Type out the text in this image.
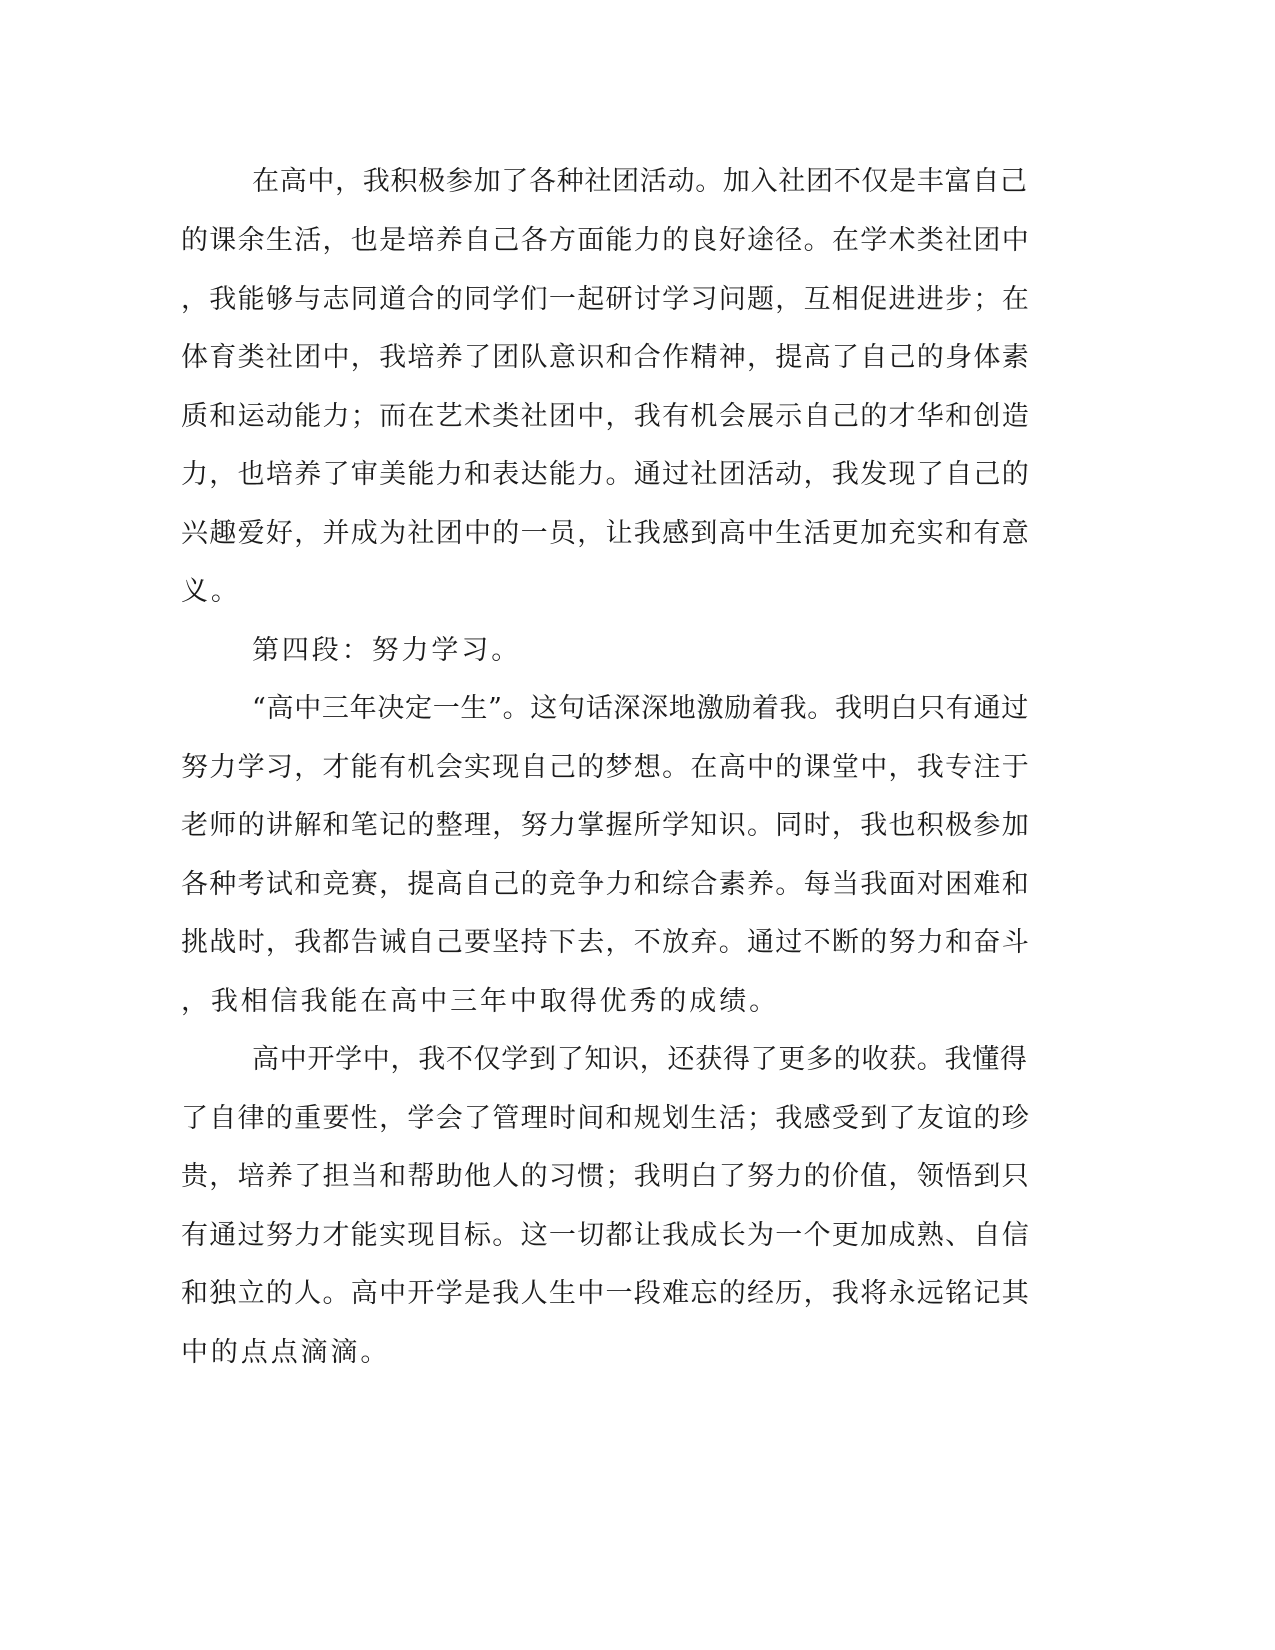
在高中，我积极参加了各种社团活动。加入社团不仅是丰富自己
的课余生活，也是培养自己各方面能力的良好途径。在学术类社团中
，我能够与志同道合的同学们一起研讨学习问题，互相促进进步；在
体育类社团中，我培养了团队意识和合作精神，提高了自己的身体素
质和运动能力；而在艺术类社团中，我有机会展示自己的才华和创造
力，也培养了审美能力和表达能力。通过社团活动，我发现了自己的
兴趣爱好，并成为社团中的一员，让我感到高中生活更加充实和有意
义。
第四段：努力学习。
“高中三年决定一生”。这句话深深地激励着我。我明白只有通过
努力学习，才能有机会实现自己的梦想。在高中的课堂中，我专注于
老师的讲解和笔记的整理，努力掌握所学知识。同时，我也积极参加
各种考试和竞赛，提高自己的竞争力和综合素养。每当我面对困难和
挑战时，我都告诫自己要坚持下去，不放弃。通过不断的努力和奋斗
，我相信我能在高中三年中取得优秀的成绩。
高中开学中，我不仅学到了知识，还获得了更多的收获。我懂得
了自律的重要性，学会了管理时间和规划生活；我感受到了友谊的珍
贵，培养了担当和帮助他人的习惯；我明白了努力的价值，领悟到只
有通过努力才能实现目标。这一切都让我成长为一个更加成熟、自信
和独立的人。高中开学是我人生中一段难忘的经历，我将永远铭记其
中的点点滴滴。
